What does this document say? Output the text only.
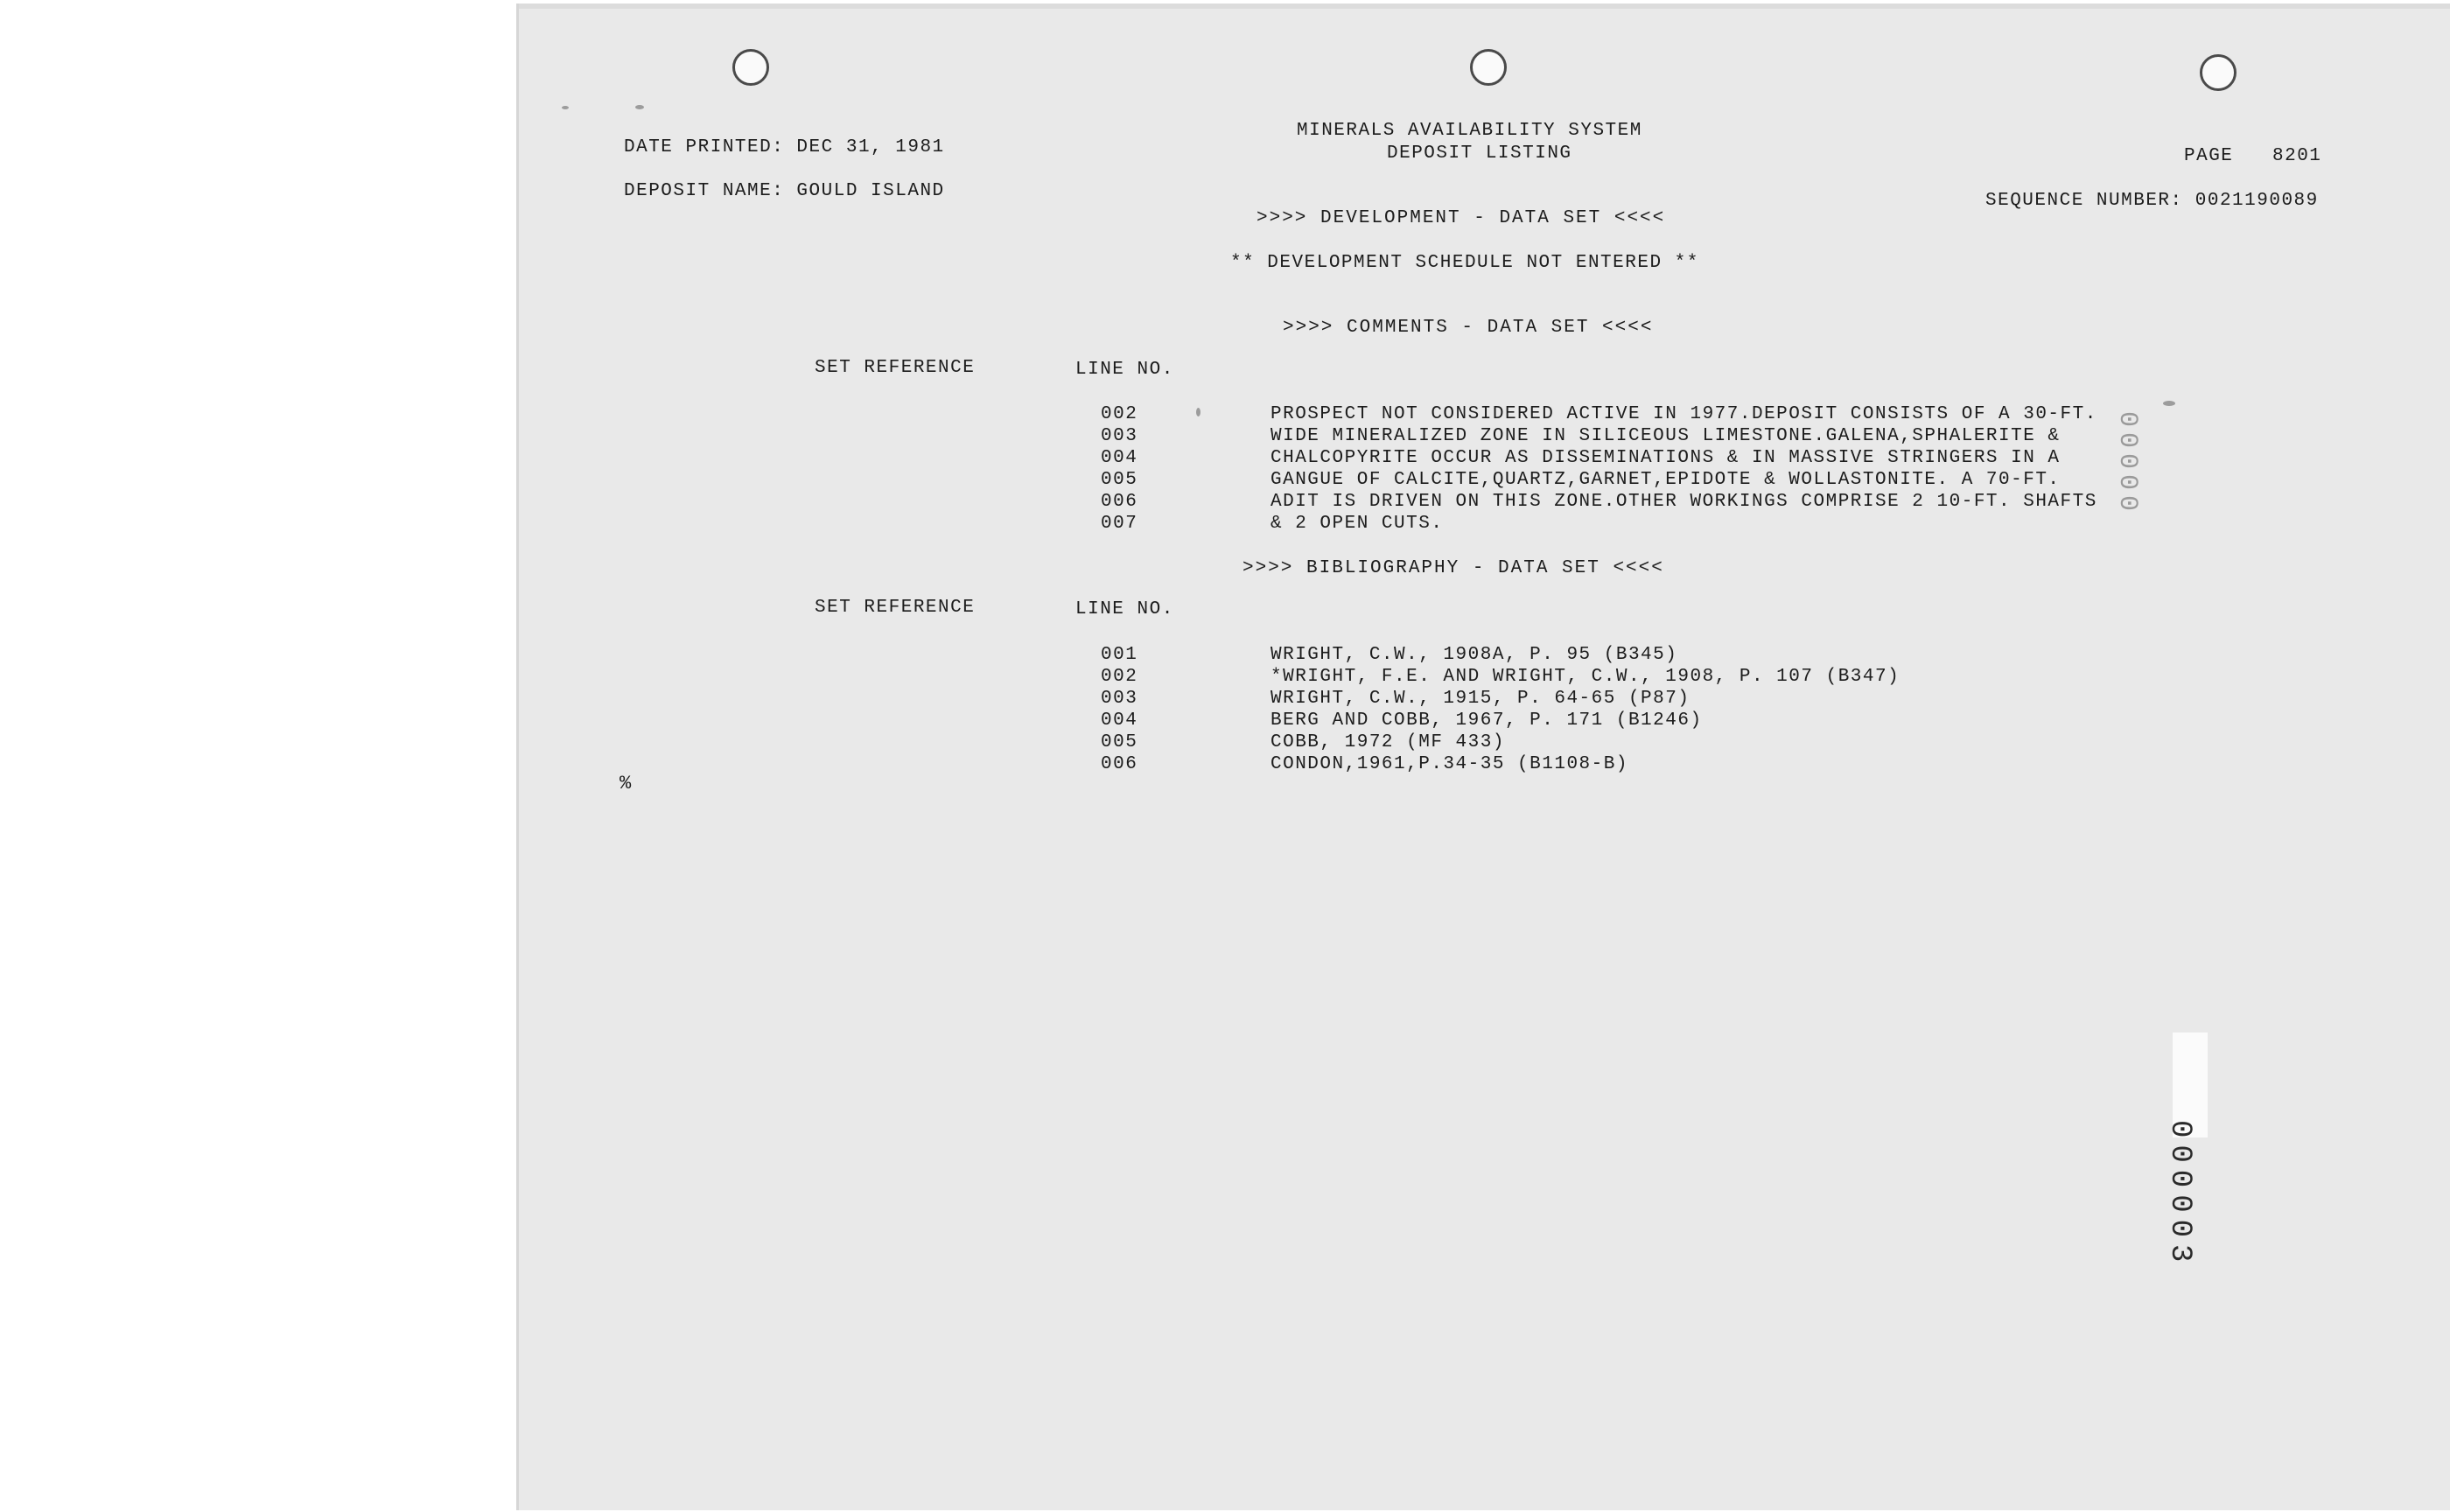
MINERALS AVAILABILITY SYSTEM
DEPOSIT LISTING
DATE PRINTED: DEC 31, 1981
DEPOSIT NAME: GOULD ISLAND
PAGE 8201
SEQUENCE NUMBER: 0021190089
>>>> DEVELOPMENT - DATA SET <<<<
** DEVELOPMENT SCHEDULE NOT ENTERED **
>>>> COMMENTS - DATA SET <<<<
SET REFERENCE	LINE NO.
002	PROSPECT NOT CONSIDERED ACTIVE IN 1977.DEPOSIT CONSISTS OF A 30-FT.
003	WIDE MINERALIZED ZONE IN SILICEOUS LIMESTONE.GALENA,SPHALERITE &
004	CHALCOPYRITE OCCUR AS DISSEMINATIONS & IN MASSIVE STRINGERS IN A
005	GANGUE OF CALCITE,QUARTZ,GARNET,EPIDOTE & WOLLASTONITE. A 70-FT.
006	ADIT IS DRIVEN ON THIS ZONE.OTHER WORKINGS COMPRISE 2 10-FT. SHAFTS
007	& 2 OPEN CUTS.
>>>> BIBLIOGRAPHY - DATA SET <<<<
SET REFERENCE	LINE NO.
001	WRIGHT, C.W., 1908A, P. 95 (B345)
002	*WRIGHT, F.E. AND WRIGHT, C.W., 1908, P. 107 (B347)
003	WRIGHT, C.W., 1915, P. 64-65 (P87)
004	BERG AND COBB, 1967, P. 171 (B1246)
005	COBB, 1972 (MF 433)
006	CONDON,1961,P.34-35 (B1108-B)
%
000003
00000
